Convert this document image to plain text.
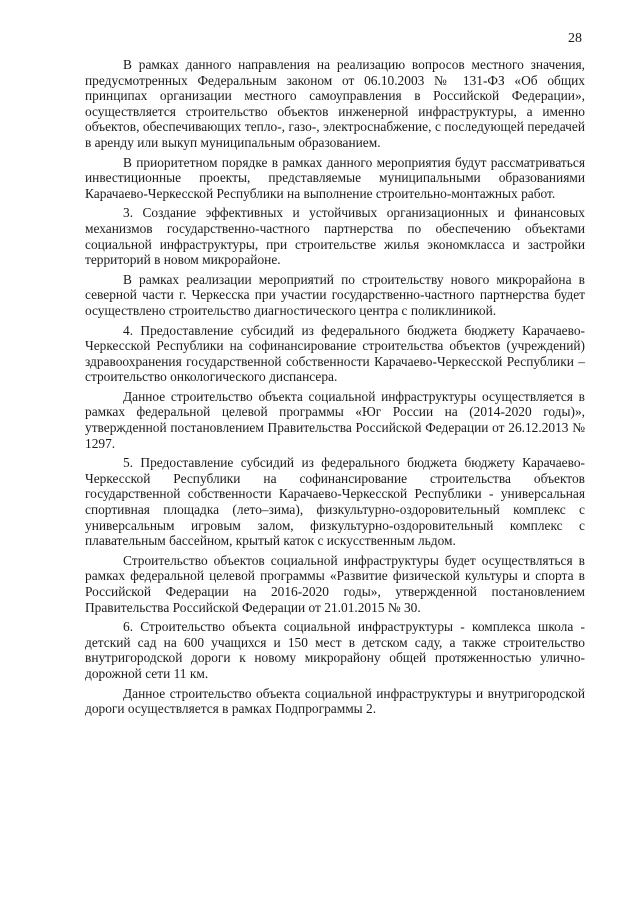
28

В рамках данного направления на реализацию вопросов местного значения, предусмотренных Федеральным законом от 06.10.2003 № 131-ФЗ «Об общих принципах организации местного самоуправления в Российской Федерации», осуществляется строительство объектов инженерной инфраструктуры, а именно объектов, обеспечивающих тепло-, газо-, электроснабжение, с последующей передачей в аренду или выкуп муниципальным образованием.

В приоритетном порядке в рамках данного мероприятия будут рассматриваться инвестиционные проекты, представляемые муниципальными образованиями Карачаево-Черкесской Республики на выполнение строительно-монтажных работ.

3. Создание эффективных и устойчивых организационных и финансовых механизмов государственно-частного партнерства по обеспечению объектами социальной инфраструктуры, при строительстве жилья экономкласса и застройки территорий в новом микрорайоне.

В рамках реализации мероприятий по строительству нового микрорайона в северной части г. Черкесска при участии государственно-частного партнерства будет осуществлено строительство диагностического центра с поликлиникой.

4. Предоставление субсидий из федерального бюджета бюджету Карачаево-Черкесской Республики на софинансирование строительства объектов (учреждений) здравоохранения государственной собственности Карачаево-Черкесской Республики – строительство онкологического диспансера.

Данное строительство объекта социальной инфраструктуры осуществляется в рамках федеральной целевой программы «Юг России на (2014-2020 годы)», утвержденной постановлением Правительства Российской Федерации от 26.12.2013 № 1297.

5. Предоставление субсидий из федерального бюджета бюджету Карачаево-Черкесской Республики на софинансирование строительства объектов государственной собственности Карачаево-Черкесской Республики - универсальная спортивная площадка (лето–зима), физкультурно-оздоровительный комплекс с универсальным игровым залом, физкультурно-оздоровительный комплекс с плавательным бассейном, крытый каток с искусственным льдом.

Строительство объектов социальной инфраструктуры будет осуществляться в рамках федеральной целевой программы «Развитие физической культуры и спорта в Российской Федерации на 2016-2020 годы», утвержденной постановлением Правительства Российской Федерации от 21.01.2015 № 30.

6. Строительство объекта социальной инфраструктуры - комплекса школа - детский сад на 600 учащихся и 150 мест в детском саду, а также строительство внутригородской дороги к новому микрорайону общей протяженностью улично-дорожной сети 11 км.

Данное строительство объекта социальной инфраструктуры и внутригородской дороги осуществляется в рамках Подпрограммы 2.
